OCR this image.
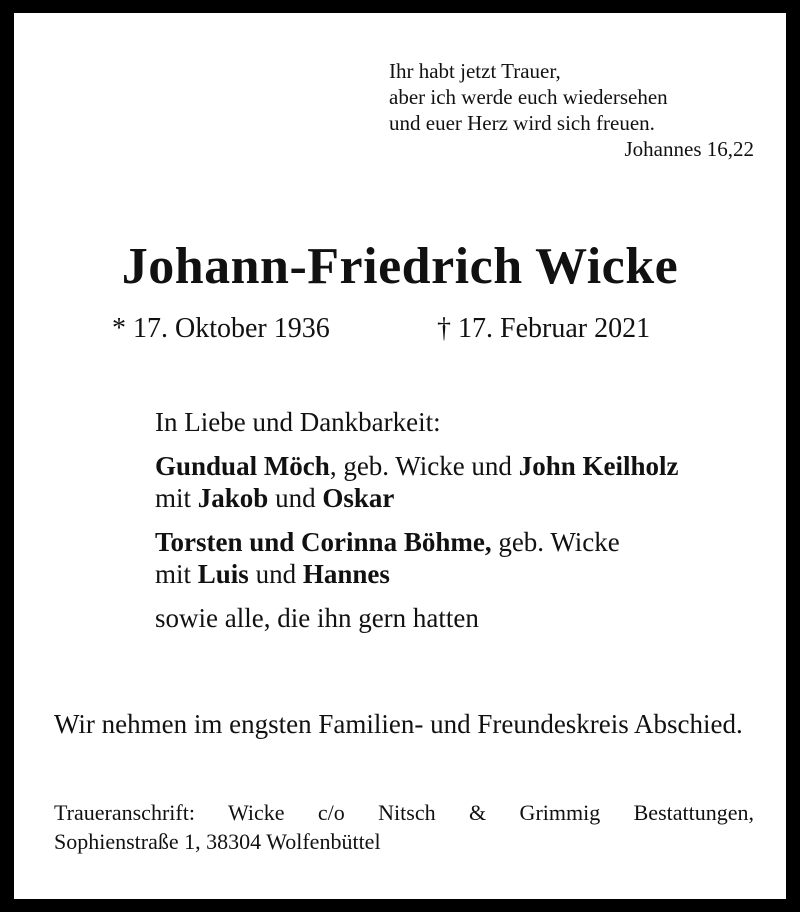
Ihr habt jetzt Trauer,
aber ich werde euch wiedersehen
und euer Herz wird sich freuen.
Johannes 16,22
Johann-Friedrich Wicke
* 17. Oktober 1936	† 17. Februar 2021
In Liebe und Dankbarkeit:
Gundual Möch, geb. Wicke und John Keilholz
mit Jakob und Oskar
Torsten und Corinna Böhme, geb. Wicke
mit Luis und Hannes
sowie alle, die ihn gern hatten
Wir nehmen im engsten Familien- und Freundeskreis Abschied.
Traueranschrift: Wicke c/o Nitsch & Grimmig Bestattungen,
Sophienstraße 1, 38304 Wolfenbüttel
